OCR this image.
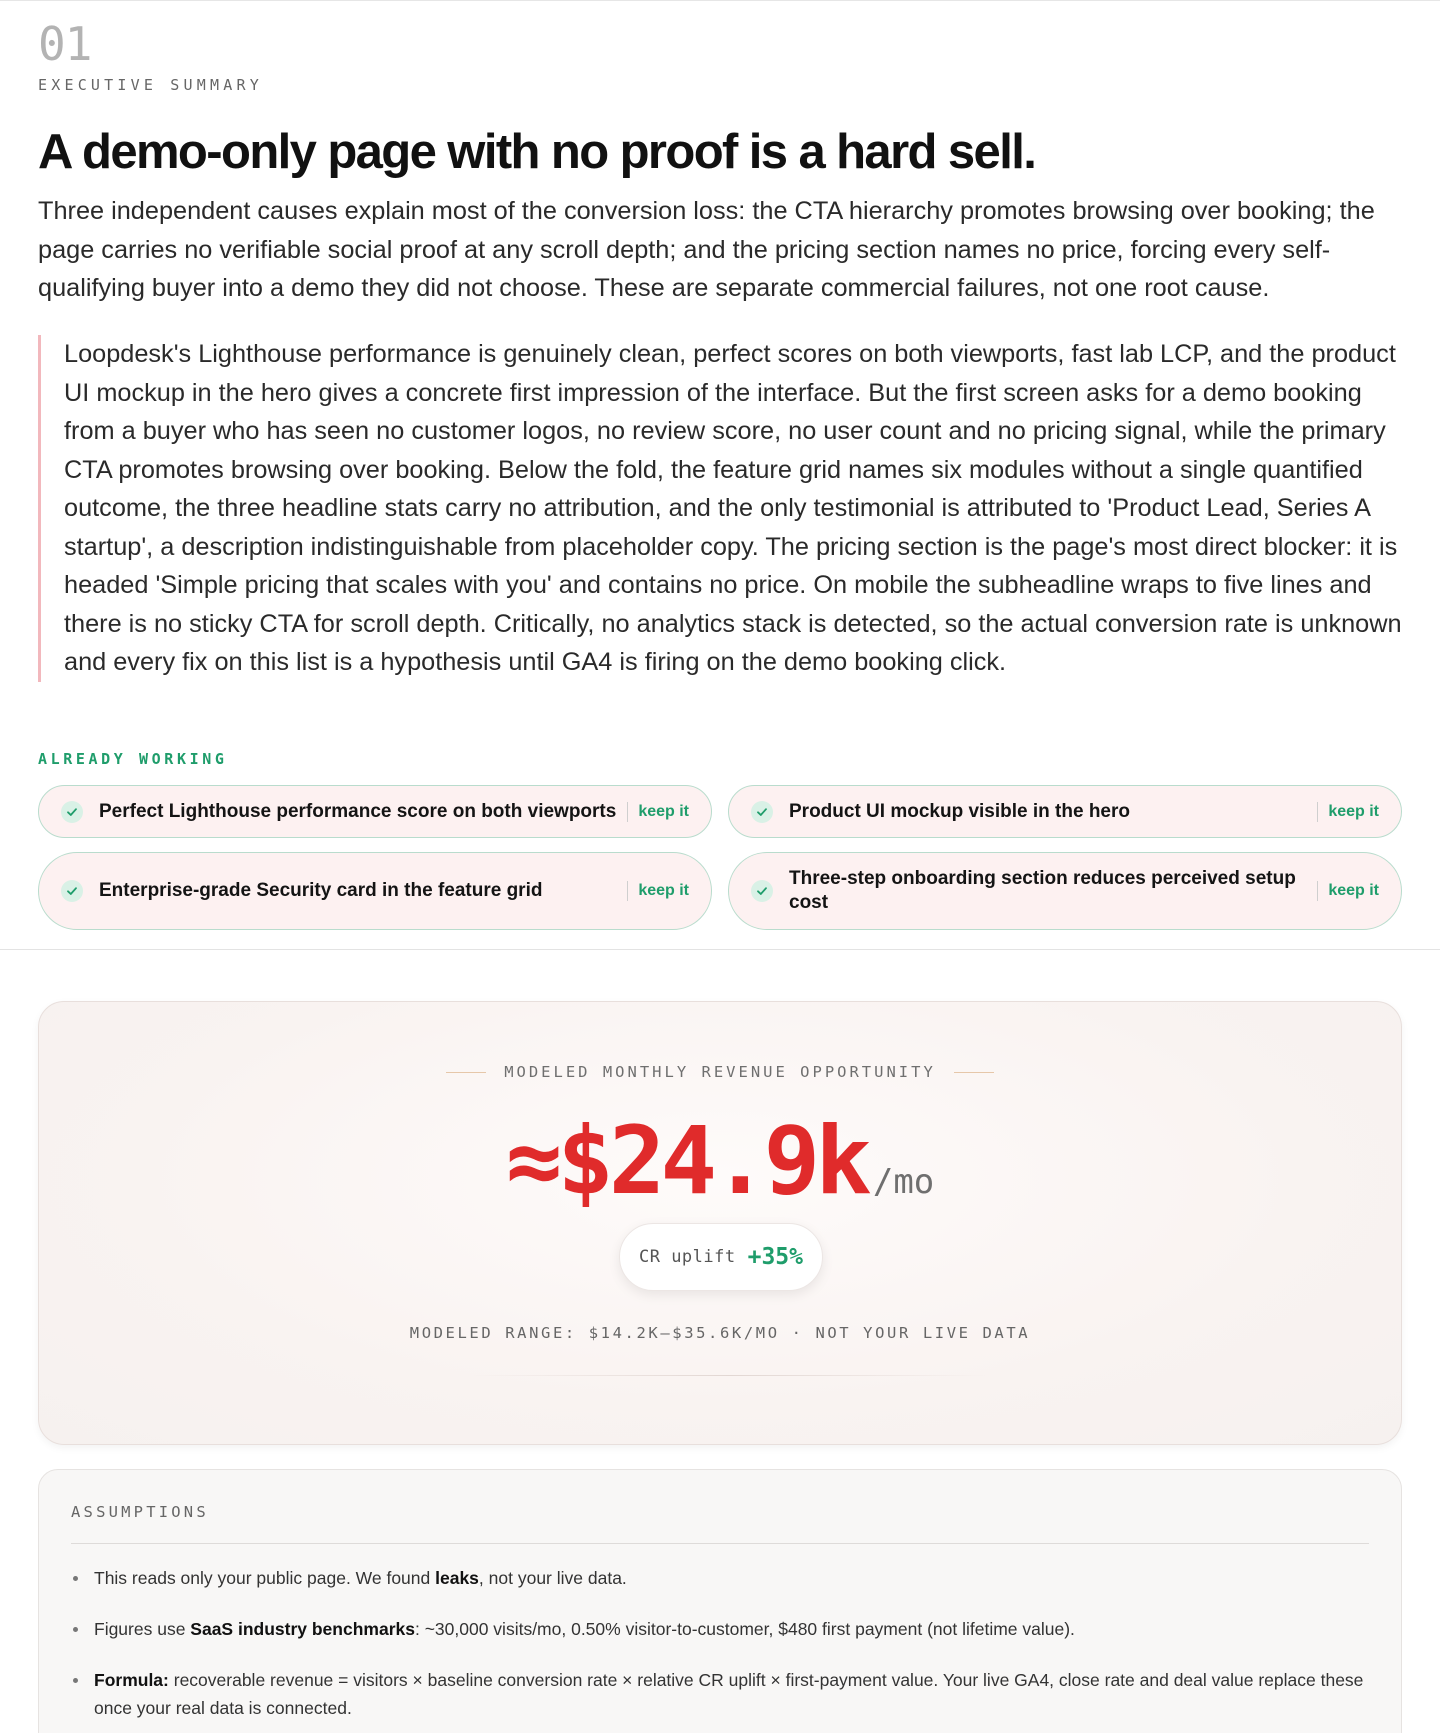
01
EXECUTIVE SUMMARY
A demo-only page with no proof is a hard sell.

Three independent causes explain most of the conversion loss: the CTA hierarchy promotes browsing over booking; the page carries no verifiable social proof at any scroll depth; and the pricing section names no price, forcing every self-qualifying buyer into a demo they did not choose. These are separate commercial failures, not one root cause.

Loopdesk's Lighthouse performance is genuinely clean, perfect scores on both viewports, fast lab LCP, and the product UI mockup in the hero gives a concrete first impression of the interface. But the first screen asks for a demo booking from a buyer who has seen no customer logos, no review score, no user count and no pricing signal, while the primary CTA promotes browsing over booking. Below the fold, the feature grid names six modules without a single quantified outcome, the three headline stats carry no attribution, and the only testimonial is attributed to 'Product Lead, Series A startup', a description indistinguishable from placeholder copy. The pricing section is the page's most direct blocker: it is headed 'Simple pricing that scales with you' and contains no price. On mobile the subheadline wraps to five lines and there is no sticky CTA for scroll depth. Critically, no analytics stack is detected, so the actual conversion rate is unknown and every fix on this list is a hypothesis until GA4 is firing on the demo booking click.
ALREADY WORKING
Perfect Lighthouse performance score on both viewports	keep it	Product UI mockup visible in the hero	keep it
Enterprise-grade Security card in the feature grid	keep it
Three-step onboarding section reduces perceived setup cost
keep it
MODELED MONTHLY REVENUE OPPORTUNITY
≈$24.9k /mo
CR uplift +35%
MODELED RANGE: $14.2K–$35.6K/MO · NOT YOUR LIVE DATA
ASSUMPTIONS
This reads only your public page. We found leaks, not your live data.
Figures use SaaS industry benchmarks: ~30,000 visits/mo, 0.50% visitor-to-customer, $480 first payment (not lifetime value).
Formula: recoverable revenue = visitors × baseline conversion rate × relative CR uplift × first-payment value. Your live GA4, close rate and deal value replace these once your real data is connected.
